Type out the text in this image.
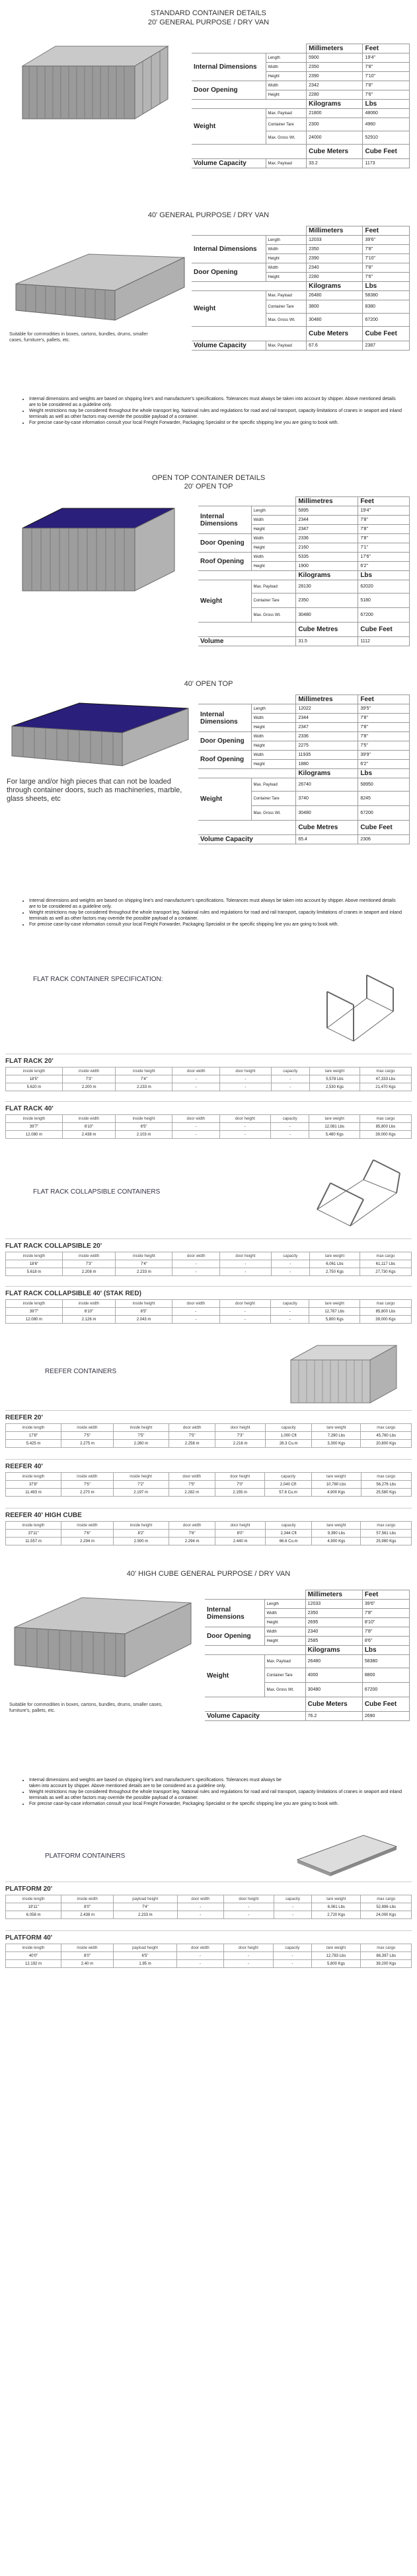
STANDARD CONTAINER DETAILS
20' GENERAL PURPOSE / DRY VAN
		Millimeters	Feet
Internal Dimensions	Length	5900	19'4"
	Width	2350	7'8"
	Height	2390	7'10"
Door Opening	Width	2342	7'8"
	Height	2280	7'6"
		Kilograms	Lbs
Weight	Max. Payload	21800	48060
	Container Tare	2300	4960
	Max. Gross Wt.	24000	52910
		Cube Meters	Cube Feet
Volume Capacity	Max. Payload	33.2	1173
40' GENERAL PURPOSE / DRY VAN
Suitable for commodities in boxes, cartons, bundles, drums, smaller cases, furniture's, pallets, etc.
		Millimeters	Feet
Internal Dimensions	Length	12033	39'6"
	Width	2350	7'8"
	Height	2390	7'10"
Door Opening	Width	2340	7'8"
	Height	2280	7'6"
		Kilograms	Lbs
Weight	Max. Payload	26480	58380
	Container Tare	3800	8380
	Max. Gross Wt.	30480	67200
		Cube Meters	Cube Feet
Volume Capacity	Max. Payload	67.6	2387
• Internal dimensions and weights are based on shipping line's and manufacturer's specifications. Tolerances must always be taken into account by shipper. Above mentioned details are to be considered as a guideline only.
• Weight restrictions may be considered throughout the whole transport leg. National rules and regulations for road and rail transport, capacity limitations of cranes in seaport and inland terminals as well as other factors may override the possible payload of a container.
• For precise case-by-case information consult your local Freight Forwarder, Packaging Specialist or the specific shipping line you are going to book with.
OPEN TOP CONTAINER DETAILS
20' OPEN TOP
		Millimetres	Feet
Internal Dimensions	Length	5895	19'4"
	Width	2344	7'8"
	Height	2347	7'8"
Door Opening	Width	2336	7'8"
	Height	2160	7'1"
Roof Opening	Width	5335	17'6"
	Height	1900	6'2"
		Kilograms	Lbs
Weight	Max. Payload	28130	62020
	Container Tare	2350	5180
	Max. Gross Wt.	30480	67200
		Cube Metres	Cube Feet
Volume		31.5	1112
40' OPEN TOP
For large and/or high pieces that can not be loaded through container doors, such as machineries, marble, glass sheets, etc
		Millimetres	Feet
Internal Dimensions	Length	12022	39'5"
	Width	2344	7'8"
	Height	2347	7'8"
Door Opening	Width	2336	7'8"
	Height	2275	7'5"
Roof Opening	Width	11935	39'9"
	Height	1880	6'2"
		Kilograms	Lbs
Weight	Max. Payload	26740	58950
	Container Tare	3740	8245
	Max. Gross Wt.	30480	67200
		Cube Metres	Cube Feet
Volume Capacity		65.4	2306
• Internal dimensions and weights are based on shipping line's and manufacturer's specifications. Tolerances must always be taken into account by shipper. Above mentioned details are to be considered as a guideline only.
• Weight restrictions may be considered throughout the whole transport leg. National rules and regulations for road and rail transport, capacity limitations of cranes in seaport and inland terminals as well as other factors may override the possible payload of a container.
• For precise case-by-case information consult your local Freight Forwarder, Packaging Specialist or the specific shipping line you are going to book with.
FLAT RACK CONTAINER SPECIFICATION:
FLAT RACK 20'
inside length	inside width	inside height	door width	door height	capacity	tare weight	max cargo
18'5"	7'3"	7'4"	-	-	-	5,578 Lbs	47,333 Lbs
5.620 m	2.200 m	2.233 m	-	-	-	2,530 Kgs	21,470 Kgs
FLAT RACK 40'
inside length	inside width	inside height	door width	door height	capacity	tare weight	max cargo
39'7"	6'10"	6'5"	-	-	-	12,081 Lbs	85,800 Lbs
12.080 m	2.438 m	2.103 m	-	-	-	5,480 Kgs	39,000 Kgs
FLAT RACK COLLAPSIBLE CONTAINERS
FLAT RACK COLLAPSIBLE 20'
inside length	inside width	inside height	door width	door height	capacity	tare weight	max cargo
18'6"	7'3"	7'4"	-	-	-	6,061 Lbs	61,117 Lbs
5.618 m	2.208 m	2.233 m	-	-	-	2,750 Kgs	27,730 Kgs
FLAT RACK COLLAPSIBLE 40' (STAK RED)
inside length	inside width	inside height	door width	door height	capacity	tare weight	max cargo
39'7"	6'10"	6'5"	-	-	-	12,787 Lbs	85,800 Lbs
12.080 m	2.126 m	2.043 m	-	-	-	5,800 Kgs	39,000 Kgs
REEFER CONTAINERS
REEFER 20'
inside length	inside width	inside height	door width	door height	capacity	tare weight	max cargo
17'8"	7'5"	7'5"	7'5"	7'3"	1,000 Cft	7,290 Lbs	45,760 Lbs
5.425 m	2.275 m	2.260 m	2.258 m	2.216 m	28.3 Cu.m	3,300 Kgs	20,800 Kgs
REEFER 40'
inside length	inside width	inside height	door width	door height	capacity	tare weight	max cargo
37'8"	7'5"	7'2"	7'5"	7'0"	2,040 Cft	10,780 Lbs	56,276 Lbs
11.493 m	2.270 m	2.197 m	2.282 m	2.155 m	57.8 Cu.m	4,900 Kgs	25,580 Kgs
REEFER 40' HIGH CUBE
inside length	inside width	inside height	door width	door height	capacity	tare weight	max cargo
37'11"	7'6"	8'2"	7'6"	8'0"	2,344 Cft	9,390 Lbs	57,561 Lbs
11.557 m	2.294 m	2.500 m	2.294 m	2.440 m	66.6 Cu.m	4,900 Kgs	25,980 Kgs
40' HIGH CUBE GENERAL PURPOSE / DRY VAN
Suitable for commodities in boxes, cartons, bundles, drums, smaller cases, furniture's, pallets, etc.
		Millimeters	Feet
Internal Dimensions	Length	12033	39'6"
	Width	2350	7'8"
	Height	2695	8'10"
Door Opening	Width	2340	7'8"
	Height	2585	8'6"
		Kilograms	Lbs
Weight	Max. Payload	26480	58380
	Container Tare	4000	8800
	Max. Gross Wt.	30480	67200
		Cube Meters	Cube Feet
Volume Capacity		76.2	2690
• Internal dimensions and weights are based on shipping line's and manufacturer's specifications. Tolerances must always be
taken into account by shipper. Above mentioned details are to be considered as a guideline only.
• Weight restrictions may be considered throughout the whole transport leg. National rules and regulations for road and rail transport, capacity limitations of cranes in seaport and inland terminals as well as other factors may override the possible payload of a container.
• For precise case-by-case information consult your local Freight Forwarder, Packaging Specialist or the specific shipping line you are going to book with.
PLATFORM CONTAINERS
PLATFORM 20'
inside length	inside width	payload height	door width	door height	capacity	tare weight	max cargo
19'11"	8'0"	7'4"	-	-	-	6,061 Lbs	52,896 Lbs
6.058 m	2.438 m	2.233 m	-	-	-	2,720 Kgs	24,000 Kgs
PLATFORM 40'
inside length	inside width	payload height	door width	door height	capacity	tare weight	max cargo
40'0"	8'0"	6'5"	-	-	-	12,783 Lbs	86,397 Lbs
12.192 m	2.40 m	1.95 m	-	-	-	5,800 Kgs	39,200 Kgs
